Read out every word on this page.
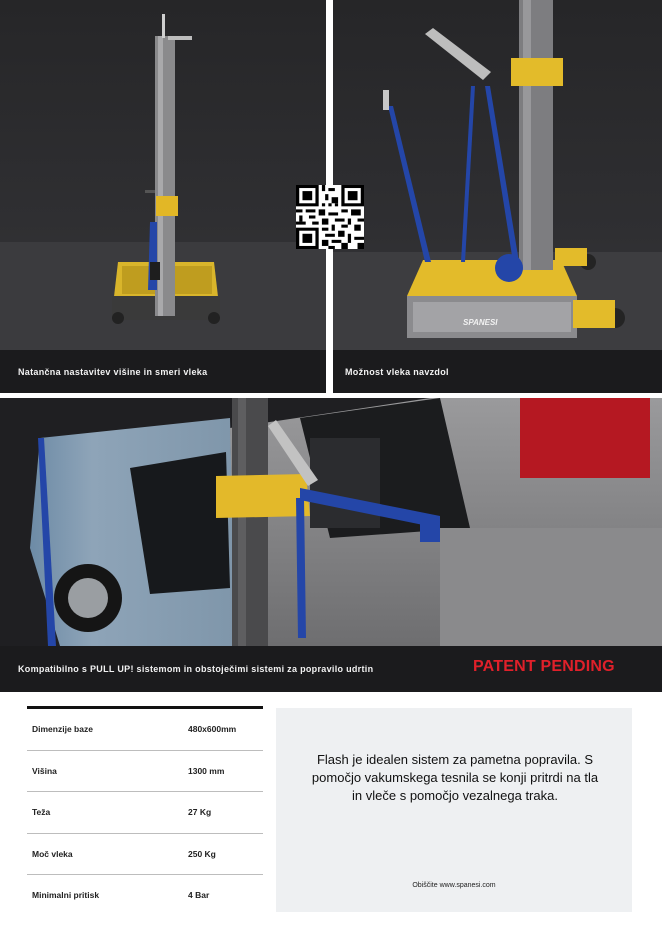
SPANESI
Natančna nastavitev višine in smeri vleka	Možnost vleka navzdol
Kompatibilno s PULL UP! sistemom in obstoječimi sistemi za popravilo udrtin	PATENT PENDING
Dimenzije baze	480x600mm
Višina	1300 mm
Teža	27 Kg
Moč vleka	250 Kg
Minimalni pritisk	4 Bar
Flash je idealen sistem za pametna popravila. S pomočjo vakumskega tesnila se konji pritrdi na tla in vleče s pomočjo vezalnega traka.
Obiščite www.spanesi.com
